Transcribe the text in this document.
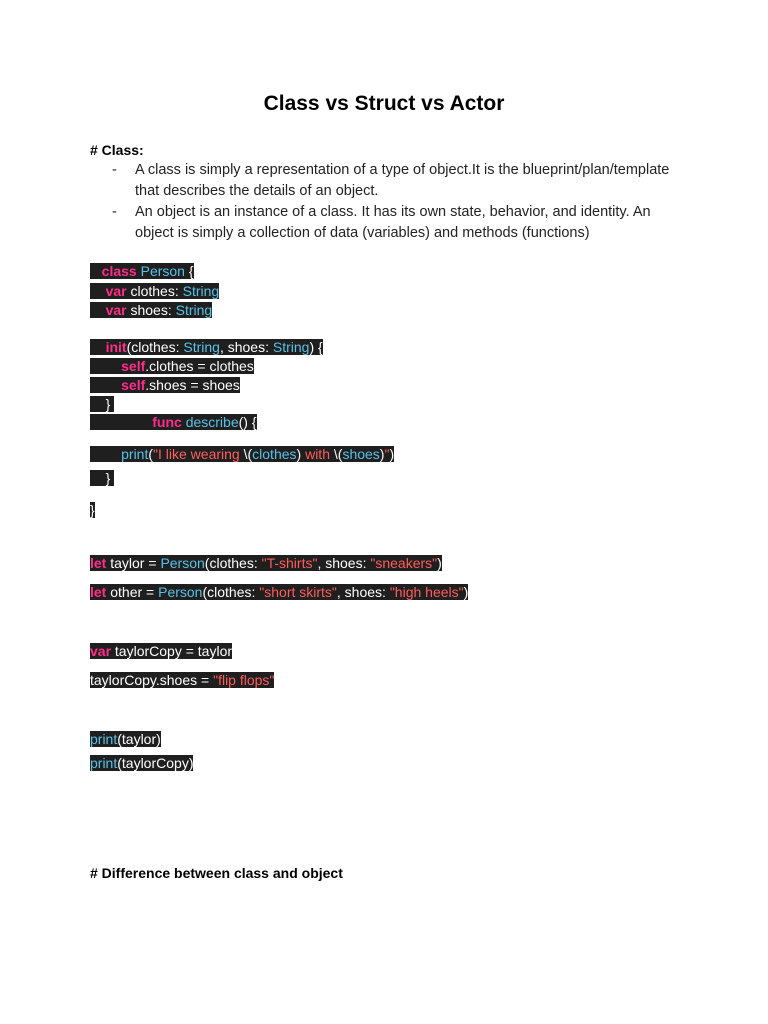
Class vs Struct vs Actor
# Class:
- A class is simply a representation of a type of object.It is the blueprint/plan/template that describes the details of an object.
- An object is an instance of a class. It has its own state, behavior, and identity. An object is simply a collection of data (variables) and methods (functions)
class Person {
var clothes: String
var shoes: String
init(clothes: String, shoes: String) {
self.clothes = clothes
self.shoes = shoes
}
func describe() {
print("I like wearing \(clothes) with \(shoes)")
}
}
let taylor = Person(clothes: "T-shirts", shoes: "sneakers")
let other = Person(clothes: "short skirts", shoes: "high heels")
var taylorCopy = taylor
taylorCopy.shoes = "flip flops"
print(taylor)
print(taylorCopy)
# Difference between class and object
